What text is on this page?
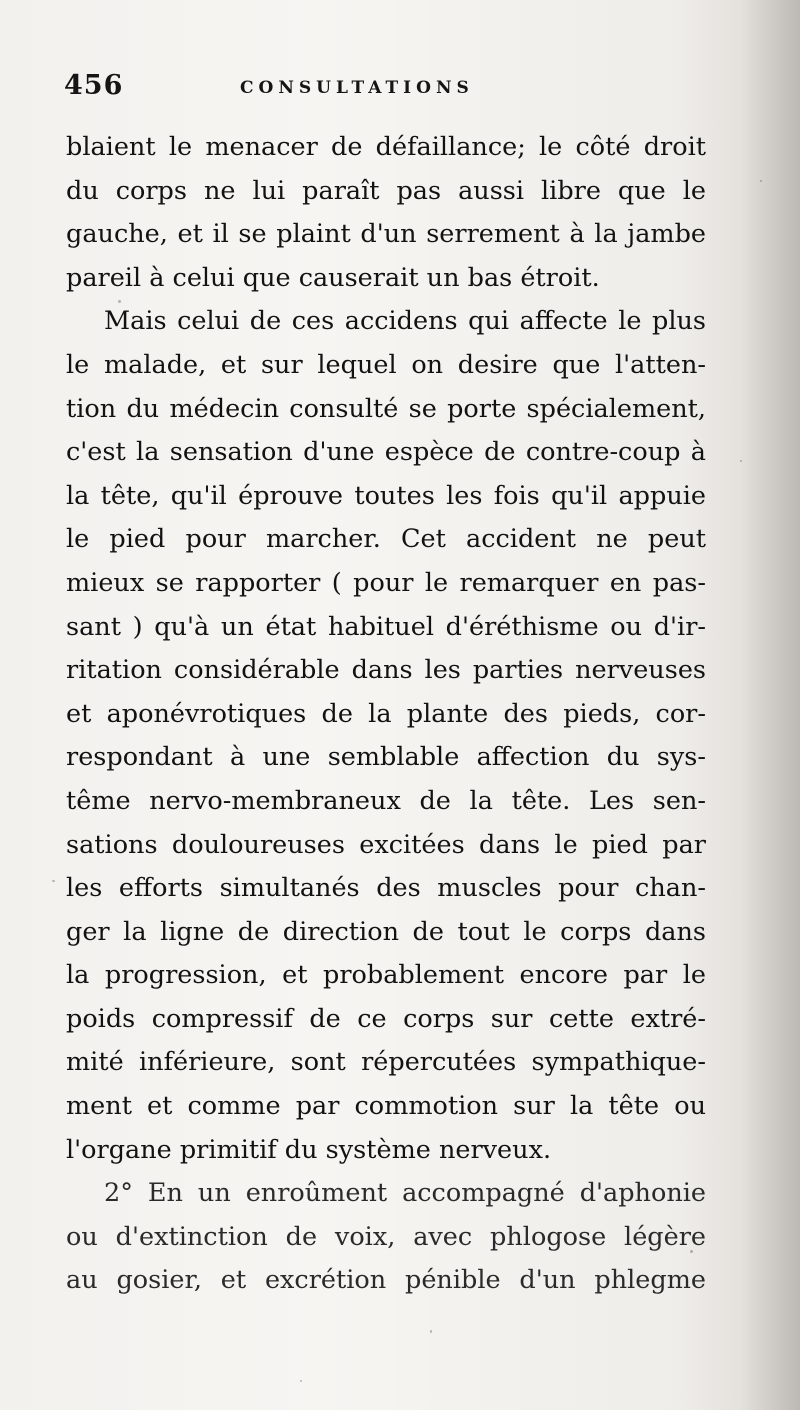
456	CONSULTATIONS
blaient le menacer de défaillance; le côté droit
du corps ne lui paraît pas aussi libre que le
gauche, et il se plaint d'un serrement à la jambe
pareil à celui que causerait un bas étroit.
Mais celui de ces accidens qui affecte le plus
le malade, et sur lequel on desire que l'atten-
tion du médecin consulté se porte spécialement,
c'est la sensation d'une espèce de contre-coup à
la tête, qu'il éprouve toutes les fois qu'il appuie
le pied pour marcher. Cet accident ne peut
mieux se rapporter ( pour le remarquer en pas-
sant ) qu'à un état habituel d'éréthisme ou d'ir-
ritation considérable dans les parties nerveuses
et aponévrotiques de la plante des pieds, cor-
respondant à une semblable affection du sys-
tême nervo-membraneux de la tête. Les sen-
sations douloureuses excitées dans le pied par
les efforts simultanés des muscles pour chan-
ger la ligne de direction de tout le corps dans
la progression, et probablement encore par le
poids compressif de ce corps sur cette extré-
mité inférieure, sont répercutées sympathique-
ment et comme par commotion sur la tête ou
l'organe primitif du système nerveux.
2° En un enroûment accompagné d'aphonie
ou d'extinction de voix, avec phlogose légère
au gosier, et excrétion pénible d'un phlegme
